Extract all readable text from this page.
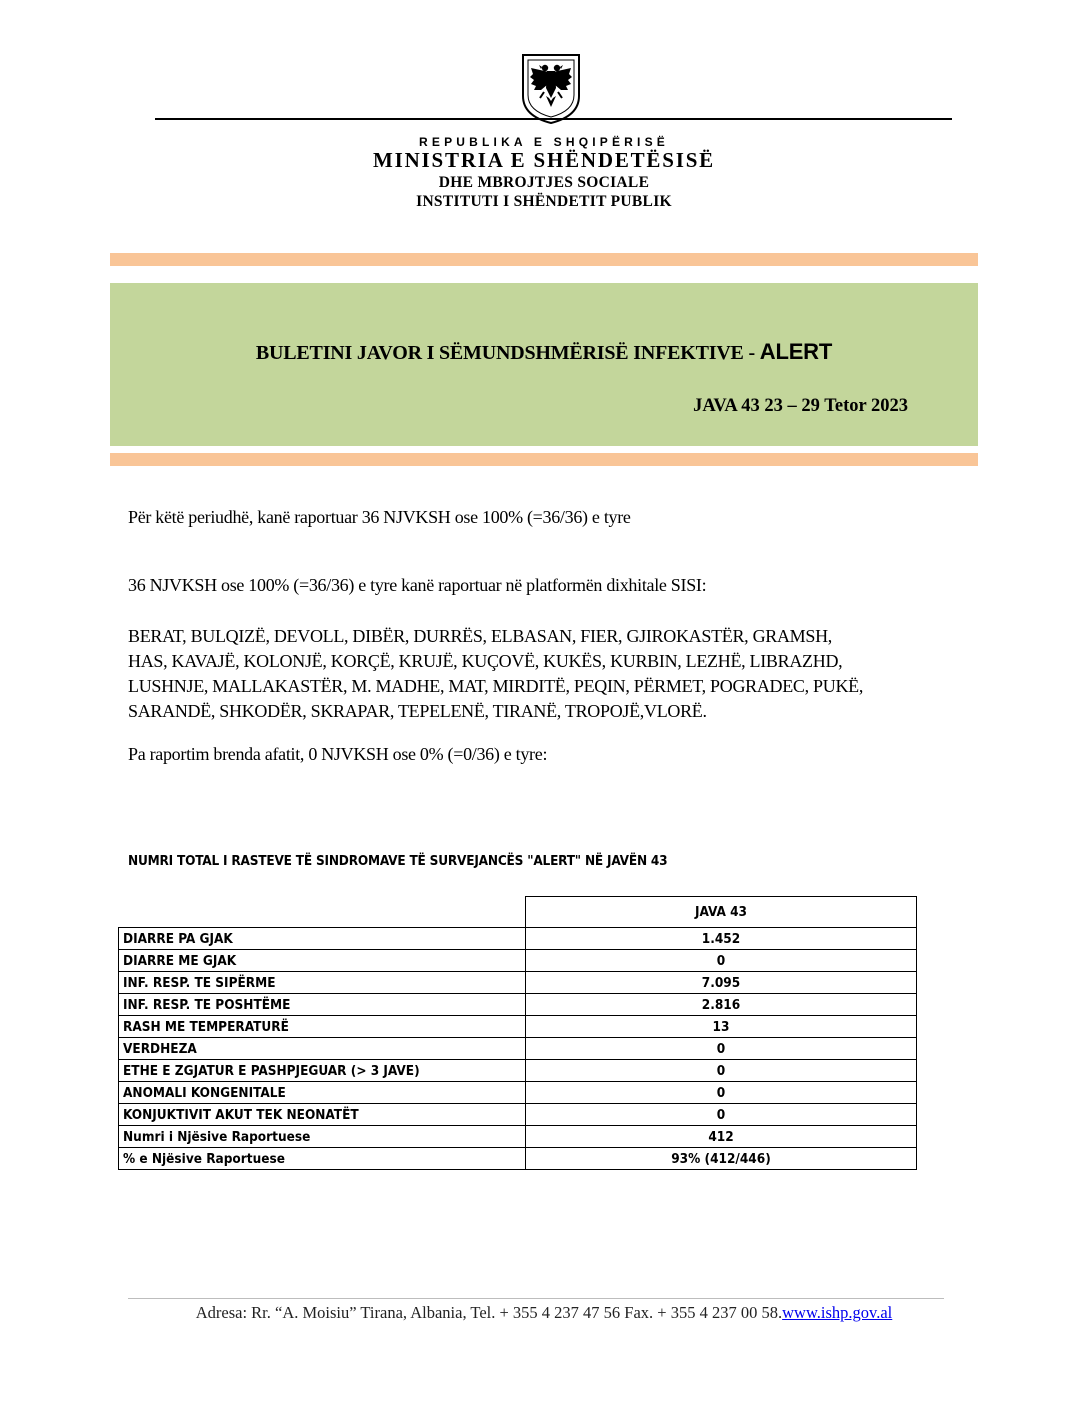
REPUBLIKA E SHQIPËRISË

MINISTRIA E SHËNDETËSISË

DHE MBROJTJES SOCIALE

INSTITUTI I SHËNDETIT PUBLIK

BULETINI JAVOR I SËMUNDSHMËRISË INFEKTIVE - ALERT

JAVA 43 23 – 29 Tetor 2023

Për këtë periudhë, kanë raportuar 36 NJVKSH ose 100% (=36/36) e tyre

36 NJVKSH ose 100% (=36/36) e tyre kanë raportuar në platformën dixhitale SISI:

BERAT, BULQIZË, DEVOLL, DIBËR, DURRËS, ELBASAN, FIER, GJIROKASTËR, GRAMSH,
HAS, KAVAJË, KOLONJË, KORÇË, KRUJË, KUÇOVË, KUKËS, KURBIN, LEZHË, LIBRAZHD,
LUSHNJE, MALLAKASTËR, M. MADHE, MAT, MIRDITË, PEQIN, PËRMET, POGRADEC, PUKË,
SARANDË, SHKODËR, SKRAPAR, TEPELENË, TIRANË, TROPOJË,VLORË.

Pa raportim brenda afatit, 0 NJVKSH ose 0% (=0/36) e tyre:

NUMRI TOTAL I RASTEVE TË SINDROMAVE TË SURVEJANCËS "ALERT" NË JAVËN 43

	JAVA 43
DIARRE PA GJAK	1.452
DIARRE ME GJAK	0
INF. RESP. TE SIPËRME	7.095
INF. RESP. TE POSHTËME	2.816
RASH ME TEMPERATURË	13
VERDHEZA	0
ETHE E ZGJATUR E PASHPJEGUAR (> 3 JAVE)	0
ANOMALI KONGENITALE	0
KONJUKTIVIT AKUT TEK NEONATËT	0
Numri i Njësive Raportuese	412
% e Njësive Raportuese	93% (412/446)

Adresa: Rr. “A. Moisiu” Tirana, Albania, Tel. + 355 4 237 47 56 Fax. + 355 4 237 00 58.www.ishp.gov.al
